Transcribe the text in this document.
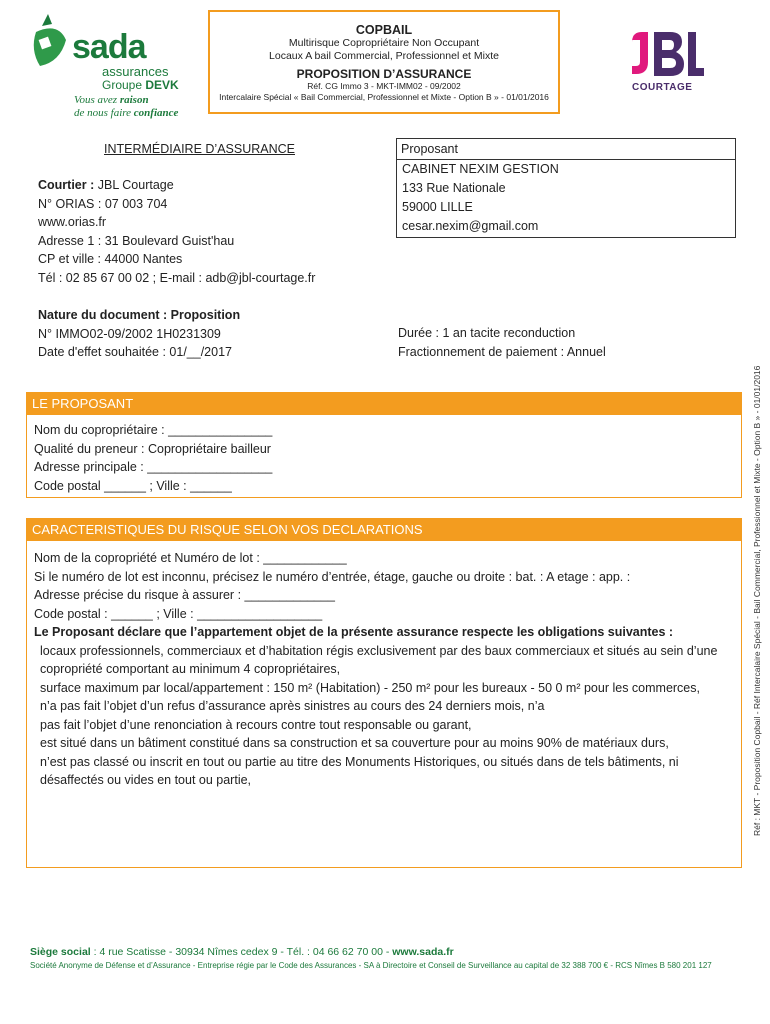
sada
assurances
Groupe DEVK
Vous avez raison
de nous faire confiance
COPBAIL
Multirisque Copropriétaire Non Occupant
Locaux A bail Commercial, Professionnel et Mixte
PROPOSITION D’ASSURANCE
Réf. CG Immo 3 - MKT-IMM02 - 09/2002
Intercalaire Spécial « Bail Commercial, Professionnel et Mixte - Option B » - 01/01/2016
COURTAGE
INTERMÉDIAIRE D’ASSURANCE
Courtier : JBL Courtage
N° ORIAS : 07 003 704
www.orias.fr
Adresse 1 : 31 Boulevard Guist'hau
CP et ville : 44000 Nantes
Tél : 02 85 67 00 02 ; E-mail : adb@jbl-courtage.fr
Proposant
CABINET NEXIM GESTION
133 Rue Nationale
59000 LILLE
cesar.nexim@gmail.com
Nature du document : Proposition
N° IMMO02-09/2002 1H0231309
Date d'effet souhaitée : 01/__/2017
Durée : 1 an tacite reconduction
Fractionnement de paiement : Annuel
LE PROPOSANT
Nom du copropriétaire : _______________
Qualité du preneur : Copropriétaire bailleur
Adresse principale : __________________
Code postal ______ ; Ville : ______
CARACTERISTIQUES DU RISQUE SELON VOS DECLARATIONS
Nom de la copropriété et Numéro de lot : ____________
Si le numéro de lot est inconnu, précisez le numéro d’entrée, étage, gauche ou droite : bat. : A etage : app. :
Adresse précise du risque à assurer : _____________
Code postal : ______ ; Ville : __________________
Le Proposant déclare que l’appartement objet de la présente assurance respecte les obligations suivantes :
locaux professionnels, commerciaux et d’habitation régis exclusivement par des baux commerciaux et situés au sein d’une copropriété comportant au minimum 4 copropriétaires,
surface maximum par local/appartement : 150 m² (Habitation) - 250 m² pour les bureaux - 50 0 m² pour les commerces,
n’a pas fait l’objet d’un refus d’assurance après sinistres au cours des 24 derniers mois, n’a
pas fait l’objet d’une renonciation à recours contre tout responsable ou garant,
est situé dans un bâtiment constitué dans sa construction et sa couverture pour au moins 90% de matériaux durs,
n’est pas classé ou inscrit en tout ou partie au titre des Monuments Historiques, ou situés dans de tels bâtiments, ni désaffectés ou vides en tout ou partie,	Réf : MKT - Proposition Copbail - Réf Intercalaire Spécial - Bail Commercial, Professionnel et Mixte - Option B » - 01/01/2016
Siège social : 4 rue Scatisse - 30934 Nîmes cedex 9 - Tél. : 04 66 62 70 00 - www.sada.fr
Société Anonyme de Défense et d’Assurance - Entreprise régie par le Code des Assurances - SA à Directoire et Conseil de Surveillance au capital de 32 388 700 € - RCS Nîmes B 580 201 127
